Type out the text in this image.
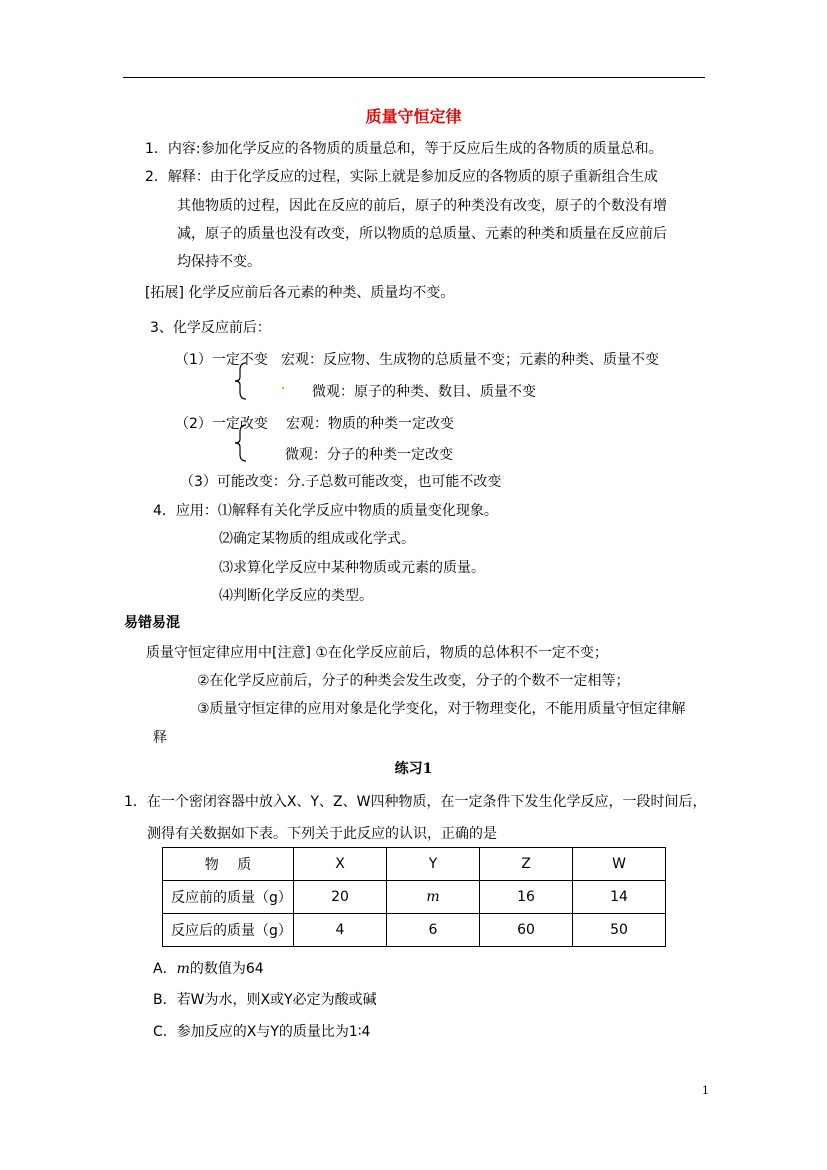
质量守恒定律
1．内容:参加化学反应的各物质的质量总和，等于反应后生成的各物质的质量总和。
2．解释：由于化学反应的过程，实际上就是参加反应的各物质的原子重新组合生成
其他物质的过程，因此在反应的前后，原子的种类没有改变，原子的个数没有增
减，原子的质量也没有改变，所以物质的总质量、元素的种类和质量在反应前后
均保持不变。
[拓展] 化学反应前后各元素的种类、质量均不变。
3、化学反应前后：
（1）一定不变 宏观：反应物、生成物的总质量不变；元素的种类、质量不变
微观：原子的种类、数目、质量不变
（2）一定改变 宏观：物质的种类一定改变
微观：分子的种类一定改变
（3）可能改变：分.子总数可能改变，也可能不改变
4．应用：⑴解释有关化学反应中物质的质量变化现象。
⑵确定某物质的组成或化学式。
⑶求算化学反应中某种物质或元素的质量。
⑷判断化学反应的类型。
易错易混
质量守恒定律应用中[注意] ①在化学反应前后，物质的总体积不一定不变；
②在化学反应前后，分子的种类会发生改变，分子的个数不一定相等；
③质量守恒定律的应用对象是化学变化，对于物理变化，不能用质量守恒定律解
释
练习1
1．在一个密闭容器中放入X、Y、Z、W四种物质，在一定条件下发生化学反应，一段时间后，
测得有关数据如下表。下列关于此反应的认识，正确的是
物　 质	X	Y	Z	W
反应前的质量（g）	20	m	16	14
反应后的质量（g）	4	6	60	50
A．m的数值为64
B．若W为水，则X或Y必定为酸或碱
C．参加反应的X与Y的质量比为1∶4
1
